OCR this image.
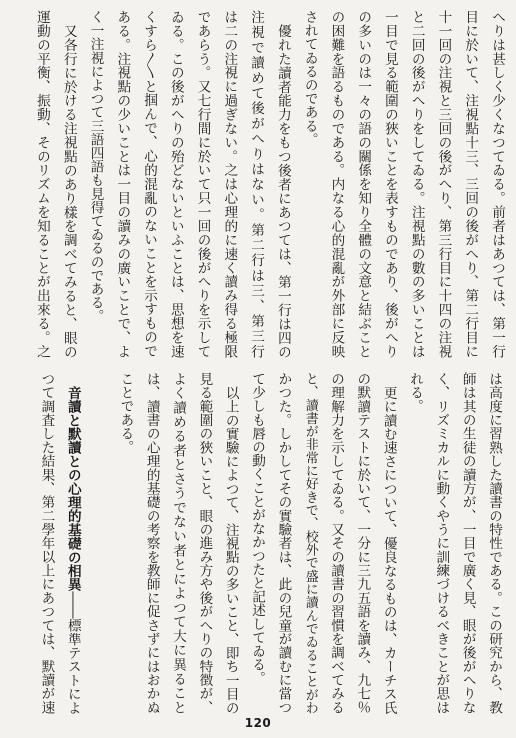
へりは甚しく少くなつてゐる。前者はあつては、第一行
目に於いて、注視點十三、三回の後がへり、第二行目に
十一回の注視と三回の後がへり、第三行目に十四の注視
と二回の後がへりをしてゐる。注視點の數の多いことは
一目で見る範圍の狹いことを表すものであり、後がへり
の多いのは一々の語の關係を知り全體の文意と結ぶこと
の困難を語るものである。内なる心的混亂が外部に反映
されてゐるのである。
優れた讀者能力をもつ後者にあつては、第一行は四の
注視で讀めて後がへりはない。第二行は三、第三行
は二の注視に過ぎない。之は心理的に速く讀み得る極限
であらう。又七行間に於いて只一回の後がへりを示して
ゐる。この後がへりの殆どないといふことは、思想を速
くすら〳〵と掴んで、心的混亂のないことを示すもので
ある。注視點の少いことは一目の讀みの廣いことで、よ
く一注視によつて三語四語も見得てゐるのである。
又各行に於ける注視點のあり樣を調べてみると、眼の
運動の平衡、振動、そのリズムを知ることが出來る。之
は高度に習熟した讀書の特性である。この研究から、教
師は其の生徒の讀方が、一目で廣く見、眼が後がへりな
く、リズミカルに動くやうに訓練づけるべきことが思は
れる。
更に讀む速さについて、優良なるものは、カーチス氏
の默讀テストに於いて、一分に三九五語を讀み、九七％
の理解力を示してゐる。又その讀書の習慣を調べてみる
と、讀書が非常に好きで、校外で盛に讀んでゐることがわ
かつた。しかしてその實驗者は、此の兒童が讀むに當つ
て少しも唇の動くことがなかつたと記述してゐる。
以上の實驗によつて、注視點の多いこと、即ち一目の
見る範圍の狹いこと、眼の進み方や後がへりの特徴が、
よく讀める者とさうでない者とによつて大に異ること
は、讀書の心理的基礎の考察を教師に促さずにはおかぬ
ことである。
音讀と默讀との心理的基礎の相異――標準テストによ
つて調査した結果、第二學年以上にあつては、默讀が速
120
